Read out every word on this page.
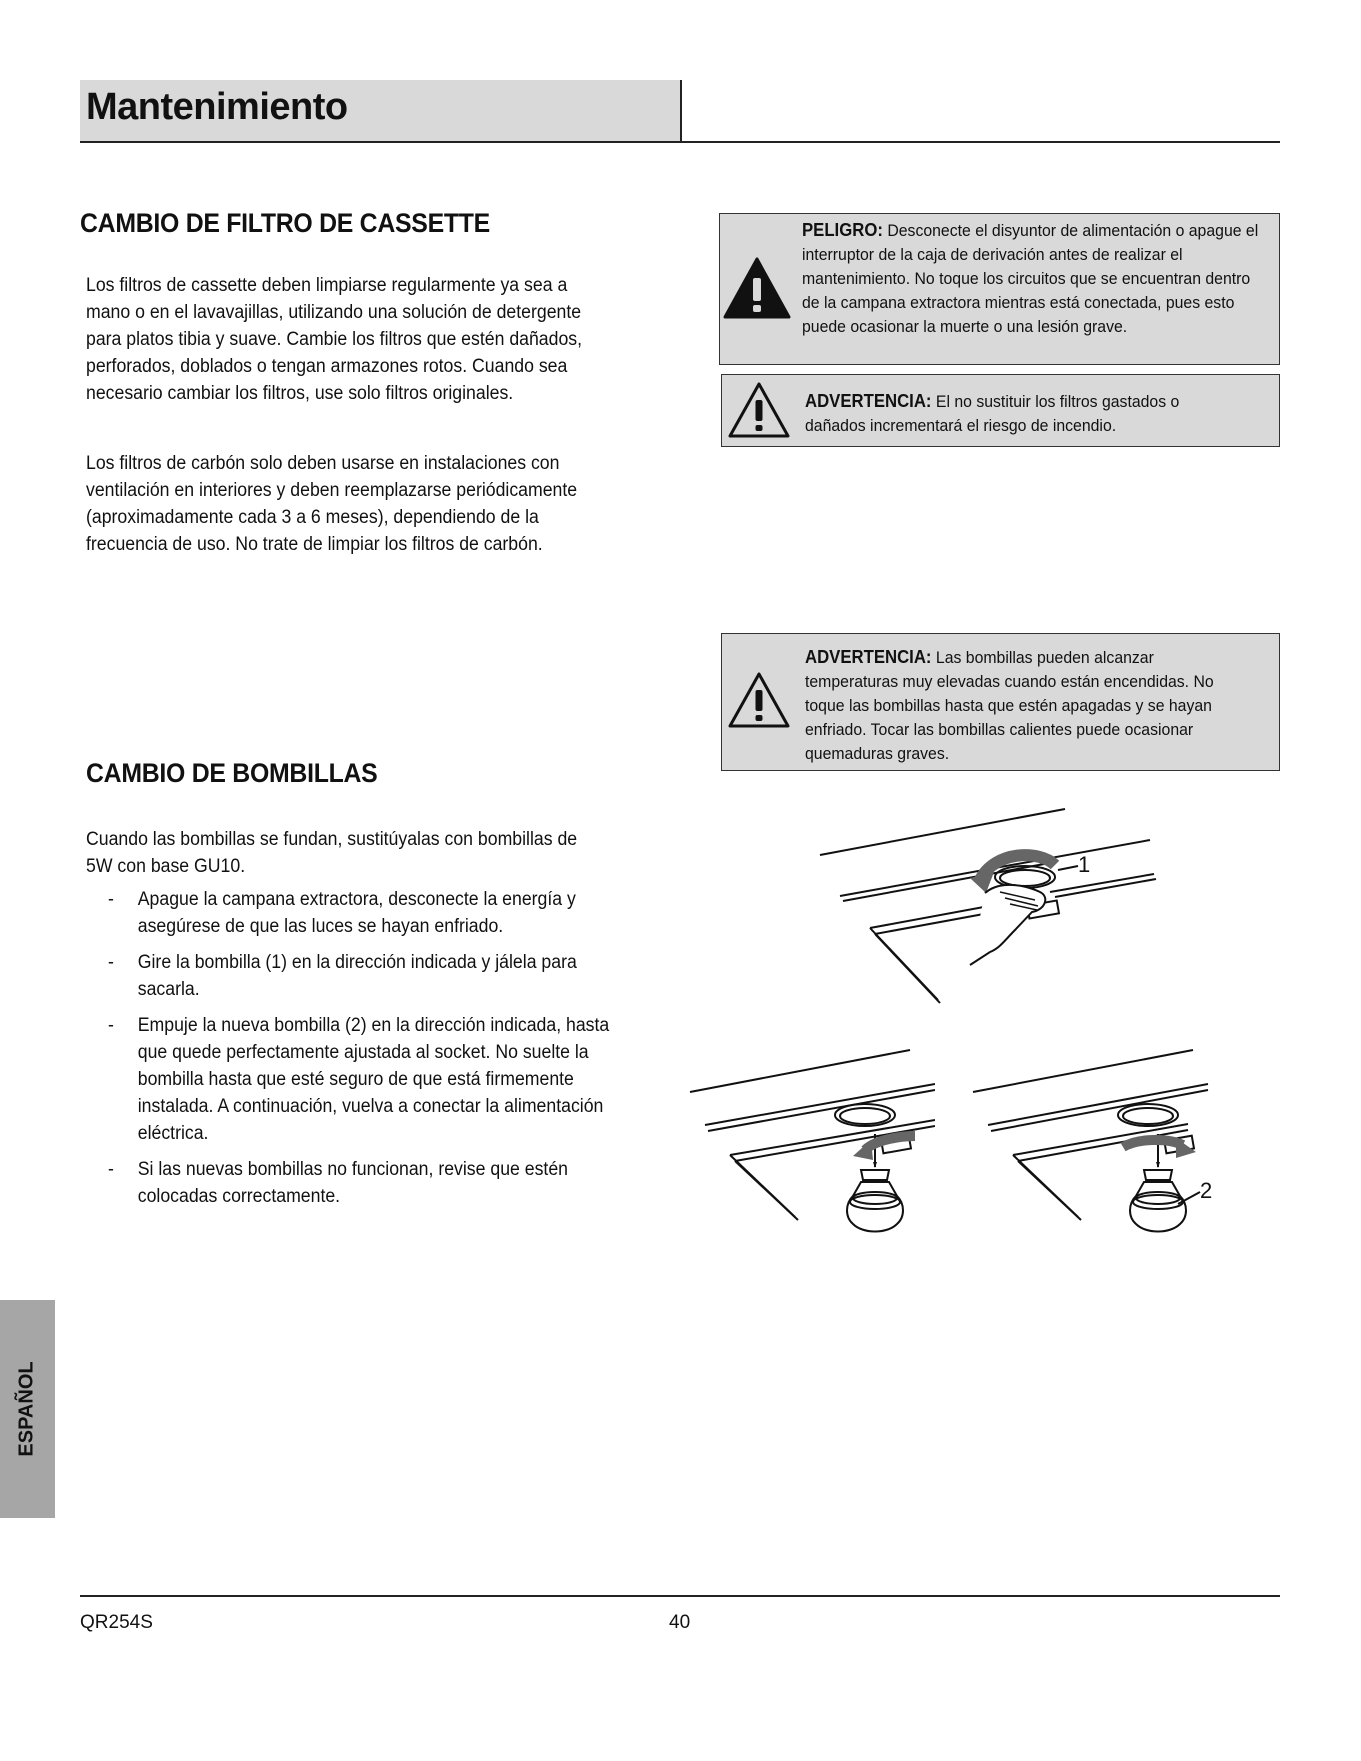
Mantenimiento
CAMBIO DE FILTRO DE CASSETTE

Los filtros de cassette deben limpiarse regularmente ya sea a mano o en el lavavajillas, utilizando una solución de detergente para platos tibia y suave. Cambie los filtros que estén dañados, perforados, doblados o tengan armazones rotos. Cuando sea necesario cambiar los filtros, use solo filtros originales.

Los filtros de carbón solo deben usarse en instalaciones con ventilación en interiores y deben reemplazarse periódicamente (aproximadamente cada 3 a 6 meses), dependiendo de la frecuencia de uso. No trate de limpiar los filtros de carbón.

CAMBIO DE BOMBILLAS

Cuando las bombillas se fundan, sustitúyalas con bombillas de 5W con base GU10.

- Apague la campana extractora, desconecte la energía y asegúrese de que las luces se hayan enfriado.
- Gire la bombilla (1) en la dirección indicada y jálela para sacarla.
- Empuje la nueva bombilla (2) en la dirección indicada, hasta que quede perfectamente ajustada al socket. No suelte la bombilla hasta que esté seguro de que está firmemente instalada. A continuación, vuelva a conectar la alimentación eléctrica.
- Si las nuevas bombillas no funcionan, revise que estén colocadas correctamente.
PELIGRO: Desconecte el disyuntor de alimentación o apague el interruptor de la caja de derivación antes de realizar el mantenimiento. No toque los circuitos que se encuentran dentro de la campana extractora mientras está conectada, pues esto puede ocasionar la muerte o una lesión grave.
ADVERTENCIA: El no sustituir los filtros gastados o dañados incrementará el riesgo de incendio.
ADVERTENCIA: Las bombillas pueden alcanzar temperaturas muy elevadas cuando están encendidas. No toque las bombillas hasta que estén apagadas y se hayan enfriado. Tocar las bombillas calientes puede ocasionar quemaduras graves.
1
2
ESPAÑOL
QR254S	40
